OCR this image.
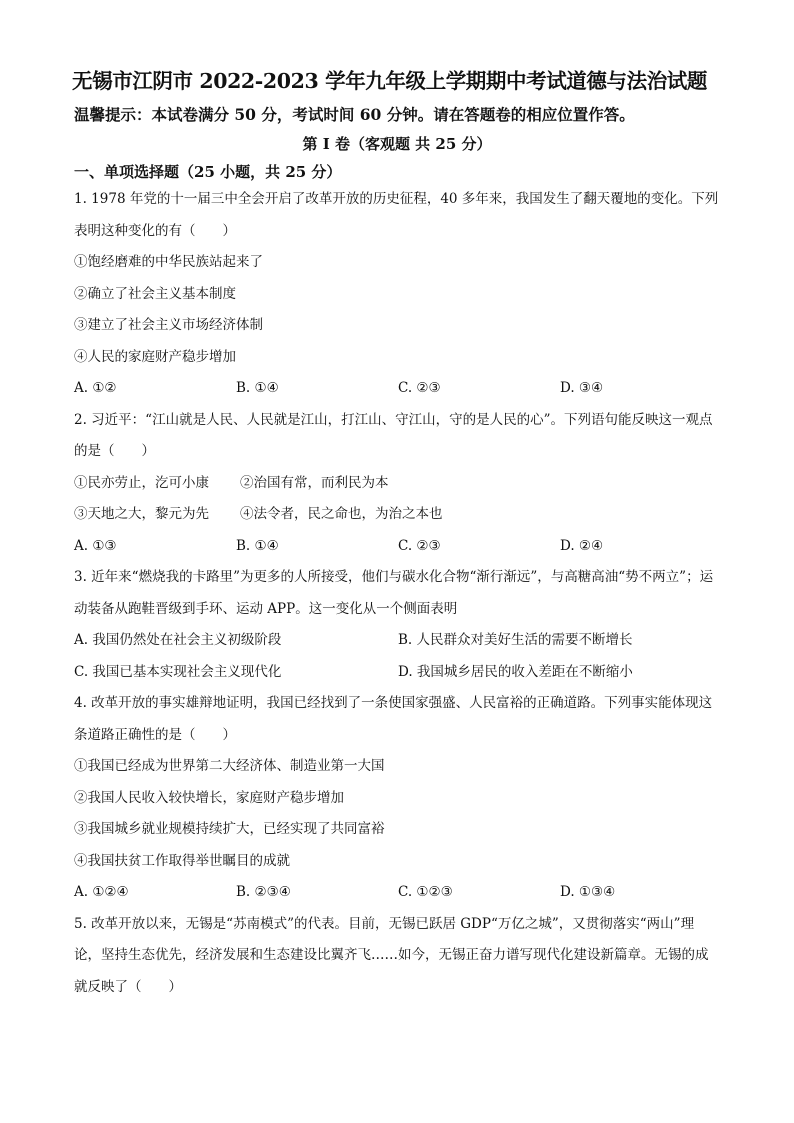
无锡市江阴市 2022-2023 学年九年级上学期期中考试道德与法治试题
温馨提示：本试卷满分 50 分，考试时间 60 分钟。请在答题卷的相应位置作答。
第 I 卷（客观题 共 25 分）
一、单项选择题（25 小题，共 25 分）
1. 1978 年党的十一届三中全会开启了改革开放的历史征程，40 多年来，我国发生了翻天覆地的变化。下列表明这种变化的有（　　）
①饱经磨难的中华民族站起来了
②确立了社会主义基本制度
③建立了社会主义市场经济体制
④人民的家庭财产稳步增加
A. ①②	B. ①④	C. ②③	D. ③④
2. 习近平：“江山就是人民、人民就是江山，打江山、守江山，守的是人民的心”。下列语句能反映这一观点的是（　　）
①民亦劳止，汔可小康	②治国有常，而利民为本
③天地之大，黎元为先	④法令者，民之命也，为治之本也
A. ①③	B. ①④	C. ②③	D. ②④
3. 近年来“燃烧我的卡路里”为更多的人所接受，他们与碳水化合物“渐行渐远”，与高糖高油“势不两立”；运动装备从跑鞋晋级到手环、运动 APP。这一变化从一个侧面表明
A. 我国仍然处在社会主义初级阶段	B. 人民群众对美好生活的需要不断增长
C. 我国已基本实现社会主义现代化	D. 我国城乡居民的收入差距在不断缩小
4. 改革开放的事实雄辩地证明，我国已经找到了一条使国家强盛、人民富裕的正确道路。下列事实能体现这条道路正确性的是（　　）
①我国已经成为世界第二大经济体、制造业第一大国
②我国人民收入较快增长，家庭财产稳步增加
③我国城乡就业规模持续扩大，已经实现了共同富裕
④我国扶贫工作取得举世瞩目的成就
A. ①②④	B. ②③④	C. ①②③	D. ①③④
5. 改革开放以来，无锡是“苏南模式”的代表。目前，无锡已跃居 GDP“万亿之城”，又贯彻落实“两山”理论，坚持生态优先，经济发展和生态建设比翼齐飞……如今，无锡正奋力谱写现代化建设新篇章。无锡的成就反映了（　　）
